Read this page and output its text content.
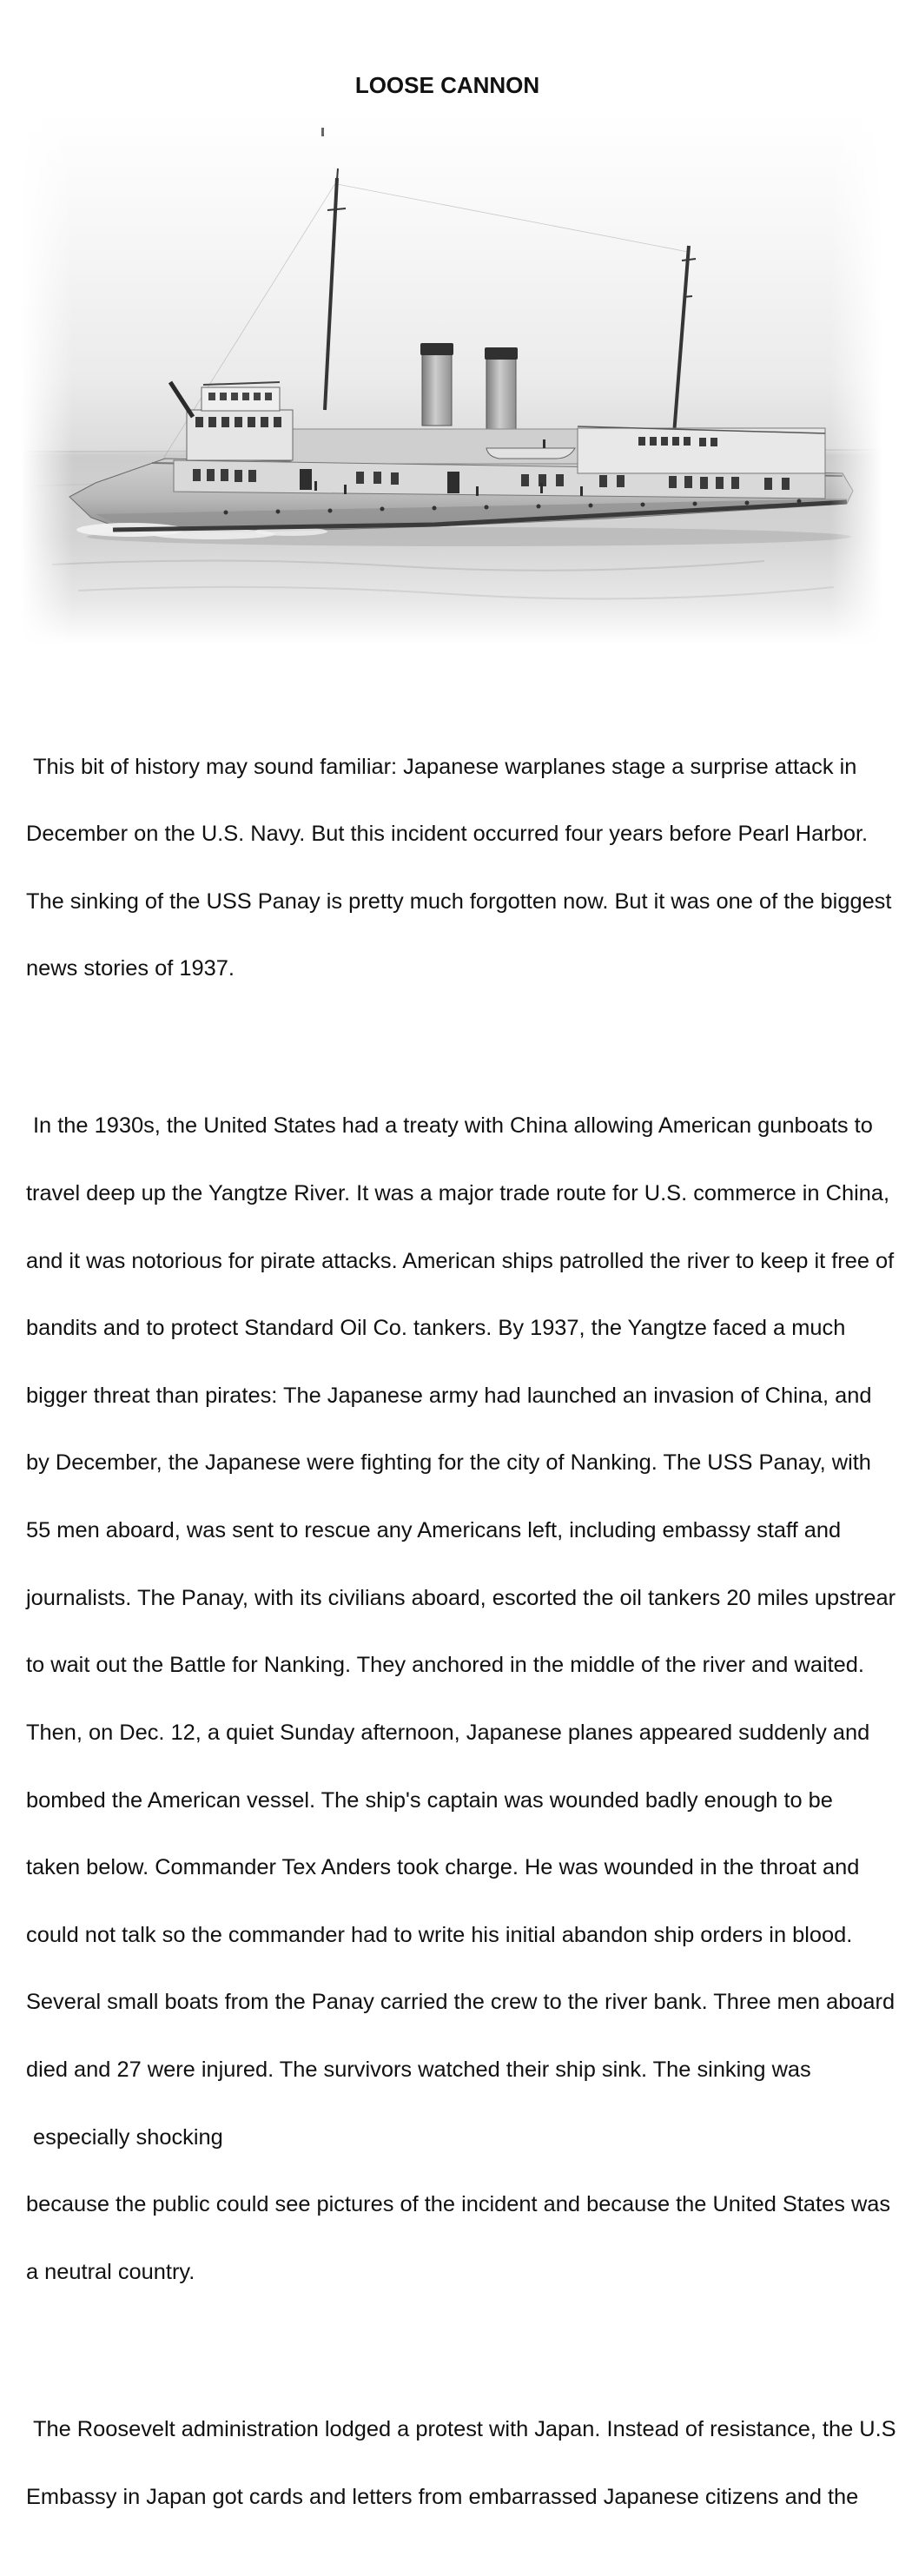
LOOSE CANNON

This bit of history may sound familiar: Japanese warplanes stage a surprise attack in

December on the U.S. Navy. But this incident occurred four years before Pearl Harbor.

The sinking of the USS Panay is pretty much forgotten now. But it was one of the biggest

news stories of 1937.

In the 1930s, the United States had a treaty with China allowing American gunboats to

travel deep up the Yangtze River. It was a major trade route for U.S. commerce in China,

and it was notorious for pirate attacks. American ships patrolled the river to keep it free of

bandits and to protect Standard Oil Co. tankers. By 1937, the Yangtze faced a much

bigger threat than pirates: The Japanese army had launched an invasion of China, and

by December, the Japanese were fighting for the city of Nanking. The USS Panay, with

55 men aboard, was sent to rescue any Americans left, including embassy staff and

journalists. The Panay, with its civilians aboard, escorted the oil tankers 20 miles upstrear

to wait out the Battle for Nanking. They anchored in the middle of the river and waited.

Then, on Dec. 12, a quiet Sunday afternoon, Japanese planes appeared suddenly and

bombed the American vessel. The ship's captain was wounded badly enough to be

taken below. Commander Tex Anders took charge. He was wounded in the throat and

could not talk so the commander had to write his initial abandon ship orders in blood.

Several small boats from the Panay carried the crew to the river bank. Three men aboard

died and 27 were injured. The survivors watched their ship sink. The sinking was

especially shocking

because the public could see pictures of the incident and because the United States was

a neutral country.

The Roosevelt administration lodged a protest with Japan. Instead of resistance, the U.S

Embassy in Japan got cards and letters from embarrassed Japanese citizens and the
